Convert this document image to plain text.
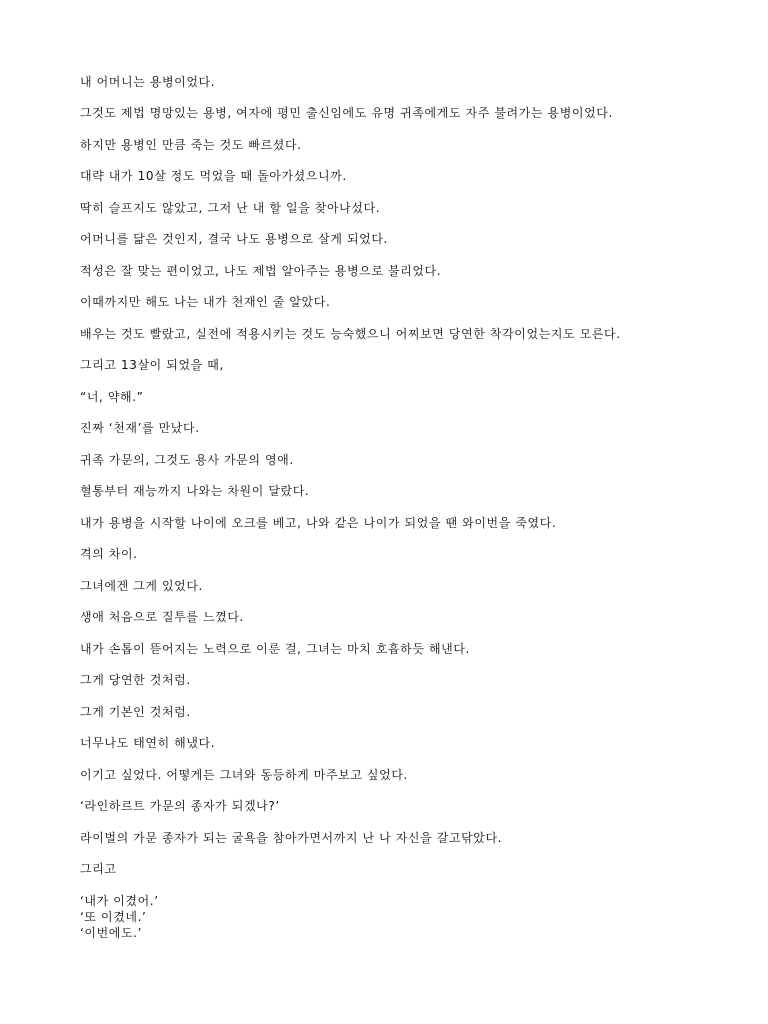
내 어머니는 용병이었다.
그것도 제법 명망있는 용병, 여자에 평민 출신임에도 유명 귀족에게도 자주 불려가는 용병이었다.
하지만 용병인 만큼 죽는 것도 빠르셨다.
대략 내가 10살 정도 먹었을 때 돌아가셨으니까.
딱히 슬프지도 않았고, 그저 난 내 할 일을 찾아나섰다.
어머니를 닮은 것인지, 결국 나도 용병으로 살게 되었다.
적성은 잘 맞는 편이었고, 나도 제법 알아주는 용병으로 불리었다.
이때까지만 해도 나는 내가 천재인 줄 알았다.
배우는 것도 빨랐고, 실전에 적용시키는 것도 능숙했으니 어찌보면 당연한 착각이었는지도 모른다.
그리고 13살이 되었을 때,
“너, 약해.”
진짜 ‘천재’를 만났다.
귀족 가문의, 그것도 용사 가문의 영애.
혈통부터 재능까지 나와는 차원이 달랐다.
내가 용병을 시작할 나이에 오크를 베고, 나와 같은 나이가 되었을 땐 와이번을 죽였다.
격의 차이.
그녀에겐 그게 있었다.
생애 처음으로 질투를 느꼈다.
내가 손톱이 뜯어지는 노력으로 이룬 걸, 그녀는 마치 호흡하듯 해낸다.
그게 당연한 것처럼.
그게 기본인 것처럼.
너무나도 태연히 해냈다.
이기고 싶었다. 어떻게든 그녀와 동등하게 마주보고 싶었다.
‘라인하르트 가문의 종자가 되겠나?’
라이벌의 가문 종자가 되는 굴욕을 참아가면서까지 난 나 자신을 갈고닦았다.
그리고
‘내가 이겼어.’
‘또 이겼네.’
‘이번에도.’
